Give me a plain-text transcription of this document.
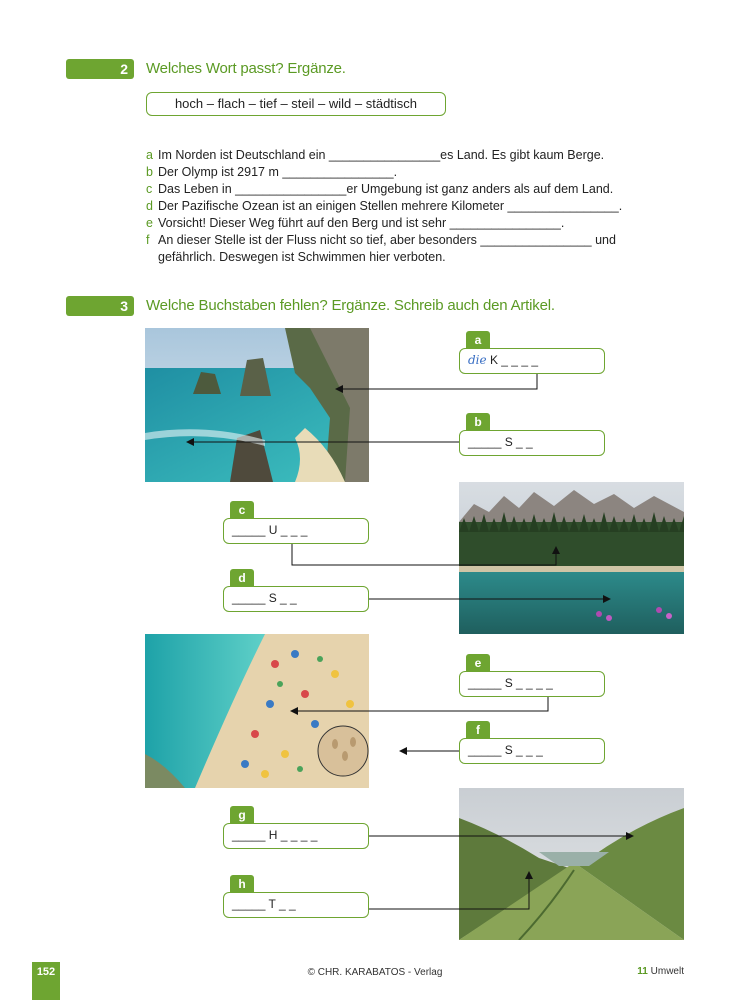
2	Welches Wort passt? Ergänze.
hoch – flach – tief – steil – wild – städtisch
a Im Norden ist Deutschland ein ________________es Land. Es gibt kaum Berge.
b Der Olymp ist 2917 m ________________.
c Das Leben in ________________er Umgebung ist ganz anders als auf dem Land.
d Der Pazifische Ozean ist an einigen Stellen mehrere Kilometer ________________.
e Vorsicht! Dieser Weg führt auf den Berg und ist sehr ________________.
f An dieser Stelle ist der Fluss nicht so tief, aber besonders ________________ und gefährlich. Deswegen ist Schwimmen hier verboten.
3	Welche Buchstaben fehlen? Ergänze. Schreib auch den Artikel.
a
die K _ _ _ _
b
_____ S _ _
c
_____ U _ _ _
d
_____ S _ _
e
_____ S _ _ _ _
f
_____ S _ _ _
g
_____ H _ _ _ _
h
_____ T _ _
152	© CHR. KARABATOS - Verlag	11 Umwelt
